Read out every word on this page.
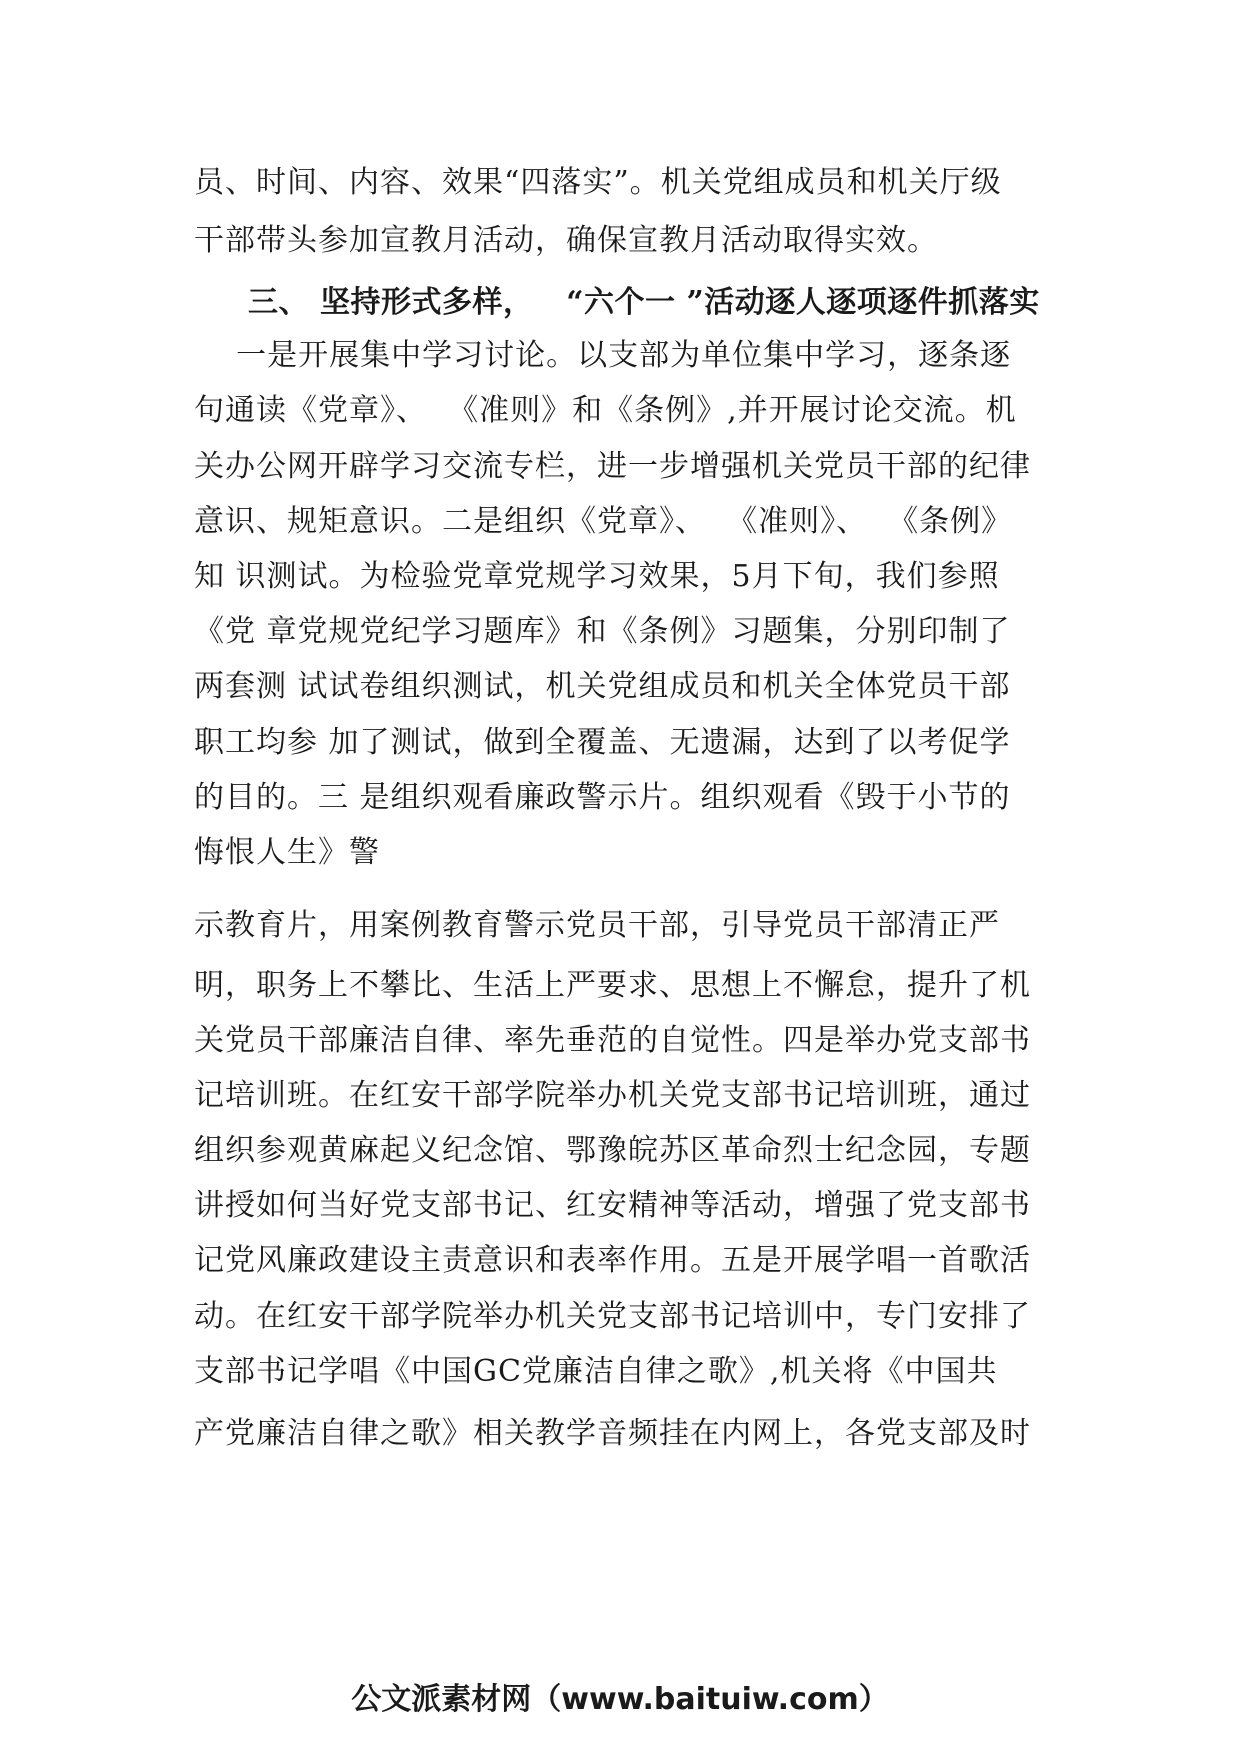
员、时间、内容、效果“四落实”。机关党组成员和机关厅级

干部带头参加宣教月活动，确保宣教月活动取得实效。

三、 坚持形式多样，   “六个一 ”活动逐人逐项逐件抓落实

一是开展集中学习讨论。以支部为单位集中学习，逐条逐

句通读《党章》、  《准则》和《条例》,并开展讨论交流。机

关办公网开辟学习交流专栏，进一步增强机关党员干部的纪律

意识、规矩意识。二是组织《党章》、  《准则》、  《条例》

知 识测试。为检验党章党规学习效果，5月下旬，我们参照

《党 章党规党纪学习题库》和《条例》习题集，分别印制了

两套测 试试卷组织测试，机关党组成员和机关全体党员干部

职工均参 加了测试，做到全覆盖、无遗漏，达到了以考促学

的目的。三 是组织观看廉政警示片。组织观看《毁于小节的

悔恨人生》警

示教育片，用案例教育警示党员干部，引导党员干部清正严

明，职务上不攀比、生活上严要求、思想上不懈怠，提升了机

关党员干部廉洁自律、率先垂范的自觉性。四是举办党支部书

记培训班。在红安干部学院举办机关党支部书记培训班，通过

组织参观黄麻起义纪念馆、鄂豫皖苏区革命烈士纪念园，专题

讲授如何当好党支部书记、红安精神等活动，增强了党支部书

记党风廉政建设主责意识和表率作用。五是开展学唱一首歌活

动。在红安干部学院举办机关党支部书记培训中，专门安排了

支部书记学唱《中国GC党廉洁自律之歌》,机关将《中国共

产党廉洁自律之歌》相关教学音频挂在内网上，各党支部及时

公文派素材网（www.baituiw.com）
